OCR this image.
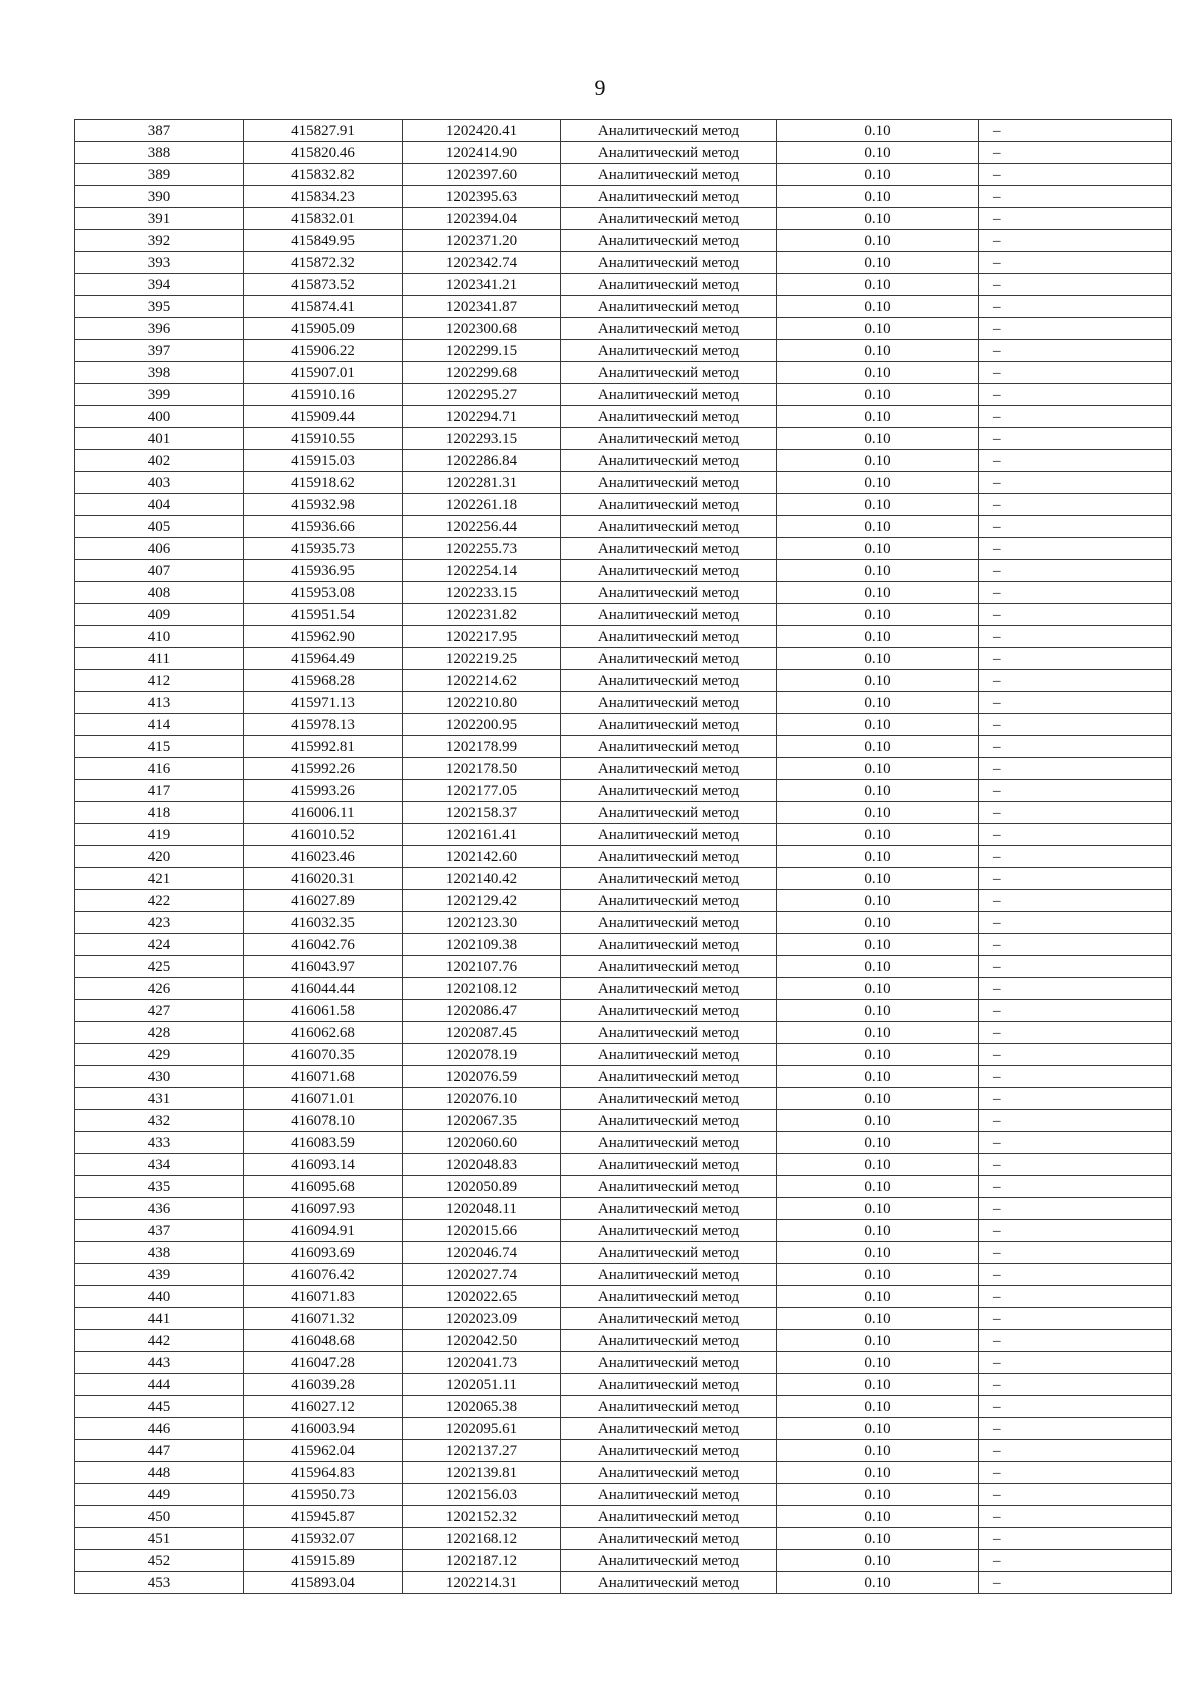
9
387	415827.91	1202420.41	Аналитический метод	0.10	–
388	415820.46	1202414.90	Аналитический метод	0.10	–
389	415832.82	1202397.60	Аналитический метод	0.10	–
390	415834.23	1202395.63	Аналитический метод	0.10	–
391	415832.01	1202394.04	Аналитический метод	0.10	–
392	415849.95	1202371.20	Аналитический метод	0.10	–
393	415872.32	1202342.74	Аналитический метод	0.10	–
394	415873.52	1202341.21	Аналитический метод	0.10	–
395	415874.41	1202341.87	Аналитический метод	0.10	–
396	415905.09	1202300.68	Аналитический метод	0.10	–
397	415906.22	1202299.15	Аналитический метод	0.10	–
398	415907.01	1202299.68	Аналитический метод	0.10	–
399	415910.16	1202295.27	Аналитический метод	0.10	–
400	415909.44	1202294.71	Аналитический метод	0.10	–
401	415910.55	1202293.15	Аналитический метод	0.10	–
402	415915.03	1202286.84	Аналитический метод	0.10	–
403	415918.62	1202281.31	Аналитический метод	0.10	–
404	415932.98	1202261.18	Аналитический метод	0.10	–
405	415936.66	1202256.44	Аналитический метод	0.10	–
406	415935.73	1202255.73	Аналитический метод	0.10	–
407	415936.95	1202254.14	Аналитический метод	0.10	–
408	415953.08	1202233.15	Аналитический метод	0.10	–
409	415951.54	1202231.82	Аналитический метод	0.10	–
410	415962.90	1202217.95	Аналитический метод	0.10	–
411	415964.49	1202219.25	Аналитический метод	0.10	–
412	415968.28	1202214.62	Аналитический метод	0.10	–
413	415971.13	1202210.80	Аналитический метод	0.10	–
414	415978.13	1202200.95	Аналитический метод	0.10	–
415	415992.81	1202178.99	Аналитический метод	0.10	–
416	415992.26	1202178.50	Аналитический метод	0.10	–
417	415993.26	1202177.05	Аналитический метод	0.10	–
418	416006.11	1202158.37	Аналитический метод	0.10	–
419	416010.52	1202161.41	Аналитический метод	0.10	–
420	416023.46	1202142.60	Аналитический метод	0.10	–
421	416020.31	1202140.42	Аналитический метод	0.10	–
422	416027.89	1202129.42	Аналитический метод	0.10	–
423	416032.35	1202123.30	Аналитический метод	0.10	–
424	416042.76	1202109.38	Аналитический метод	0.10	–
425	416043.97	1202107.76	Аналитический метод	0.10	–
426	416044.44	1202108.12	Аналитический метод	0.10	–
427	416061.58	1202086.47	Аналитический метод	0.10	–
428	416062.68	1202087.45	Аналитический метод	0.10	–
429	416070.35	1202078.19	Аналитический метод	0.10	–
430	416071.68	1202076.59	Аналитический метод	0.10	–
431	416071.01	1202076.10	Аналитический метод	0.10	–
432	416078.10	1202067.35	Аналитический метод	0.10	–
433	416083.59	1202060.60	Аналитический метод	0.10	–
434	416093.14	1202048.83	Аналитический метод	0.10	–
435	416095.68	1202050.89	Аналитический метод	0.10	–
436	416097.93	1202048.11	Аналитический метод	0.10	–
437	416094.91	1202015.66	Аналитический метод	0.10	–
438	416093.69	1202046.74	Аналитический метод	0.10	–
439	416076.42	1202027.74	Аналитический метод	0.10	–
440	416071.83	1202022.65	Аналитический метод	0.10	–
441	416071.32	1202023.09	Аналитический метод	0.10	–
442	416048.68	1202042.50	Аналитический метод	0.10	–
443	416047.28	1202041.73	Аналитический метод	0.10	–
444	416039.28	1202051.11	Аналитический метод	0.10	–
445	416027.12	1202065.38	Аналитический метод	0.10	–
446	416003.94	1202095.61	Аналитический метод	0.10	–
447	415962.04	1202137.27	Аналитический метод	0.10	–
448	415964.83	1202139.81	Аналитический метод	0.10	–
449	415950.73	1202156.03	Аналитический метод	0.10	–
450	415945.87	1202152.32	Аналитический метод	0.10	–
451	415932.07	1202168.12	Аналитический метод	0.10	–
452	415915.89	1202187.12	Аналитический метод	0.10	–
453	415893.04	1202214.31	Аналитический метод	0.10	–
